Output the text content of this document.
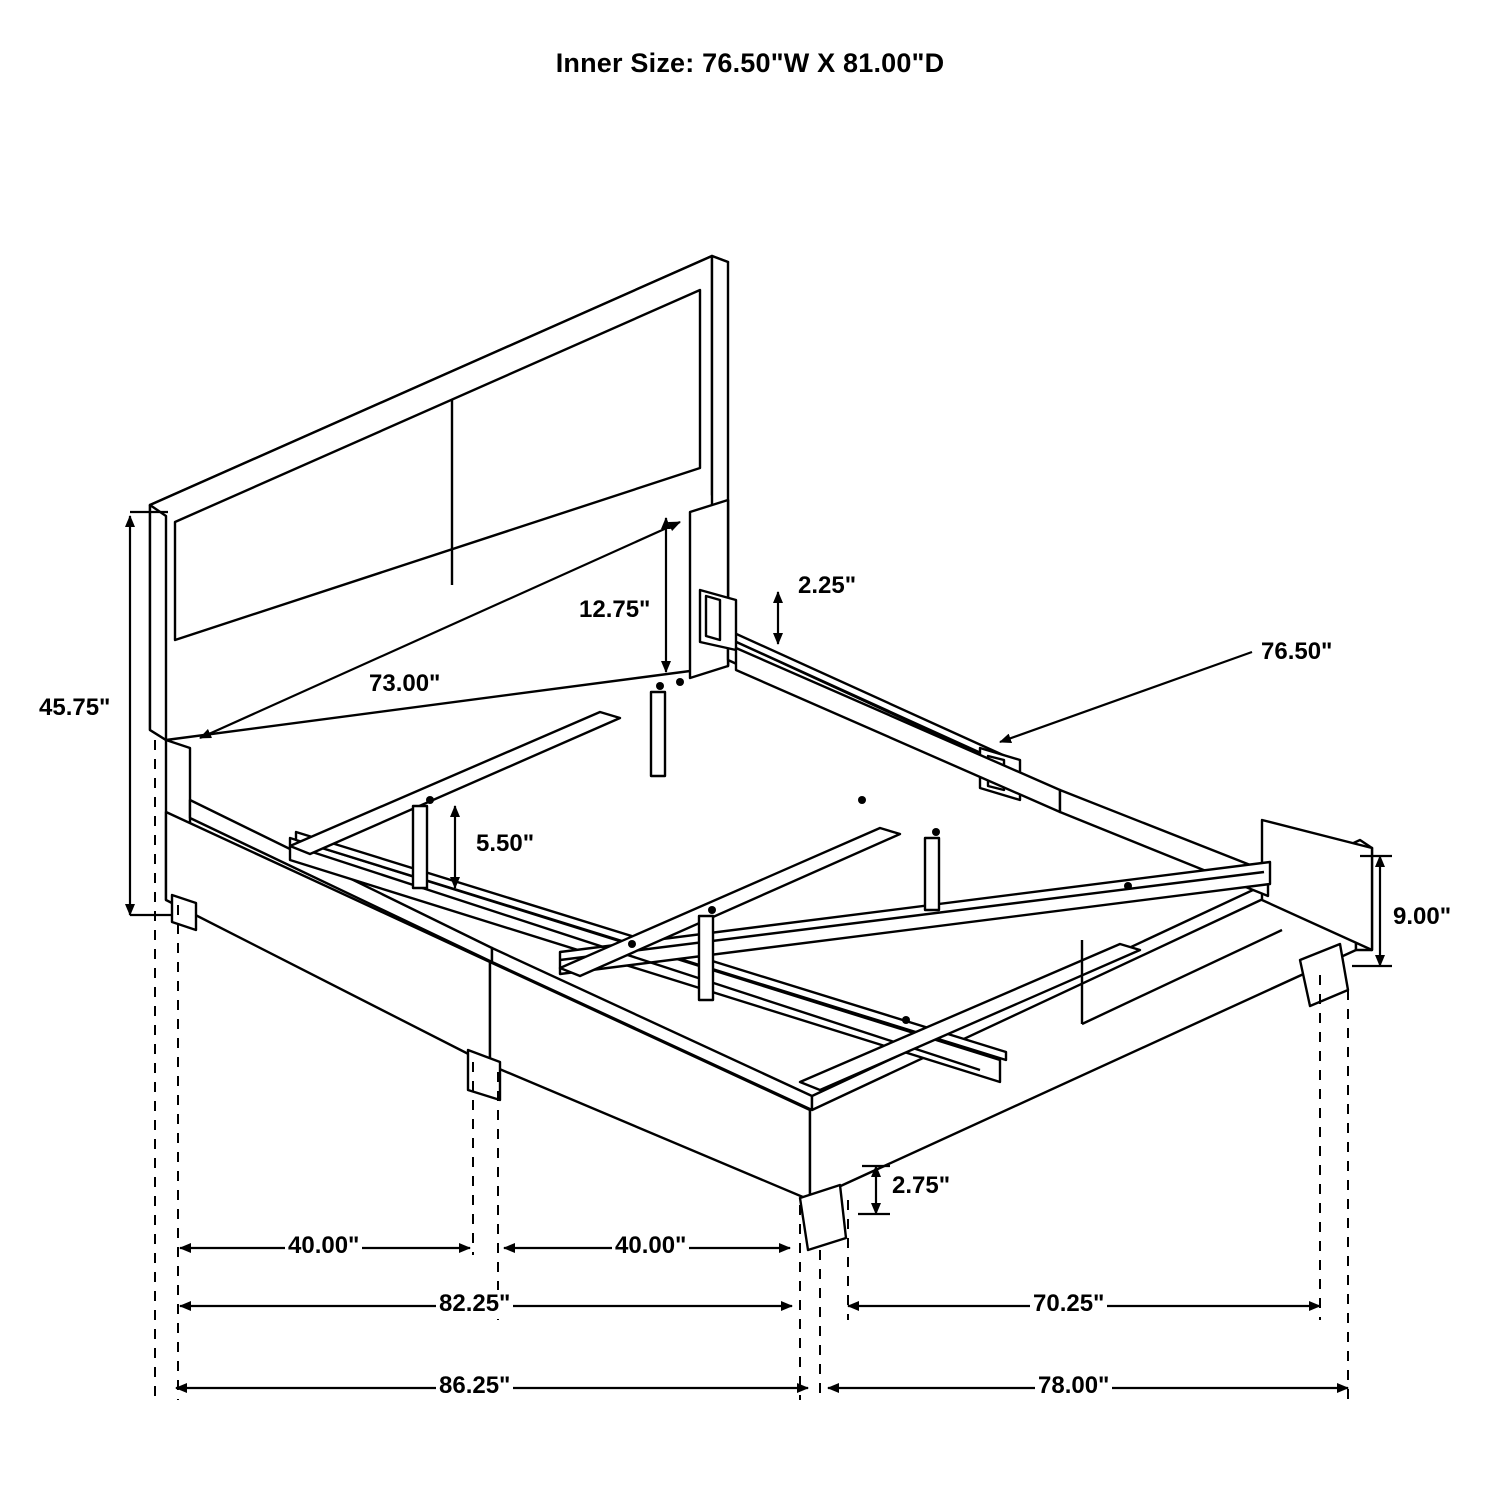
Inner Size: 76.50"W X 81.00"D
45.75"
12.75"
2.25"
73.00"
76.50"
5.50"
9.00"
2.75"
40.00"	40.00"
82.25"	70.25"
86.25"	78.00"
